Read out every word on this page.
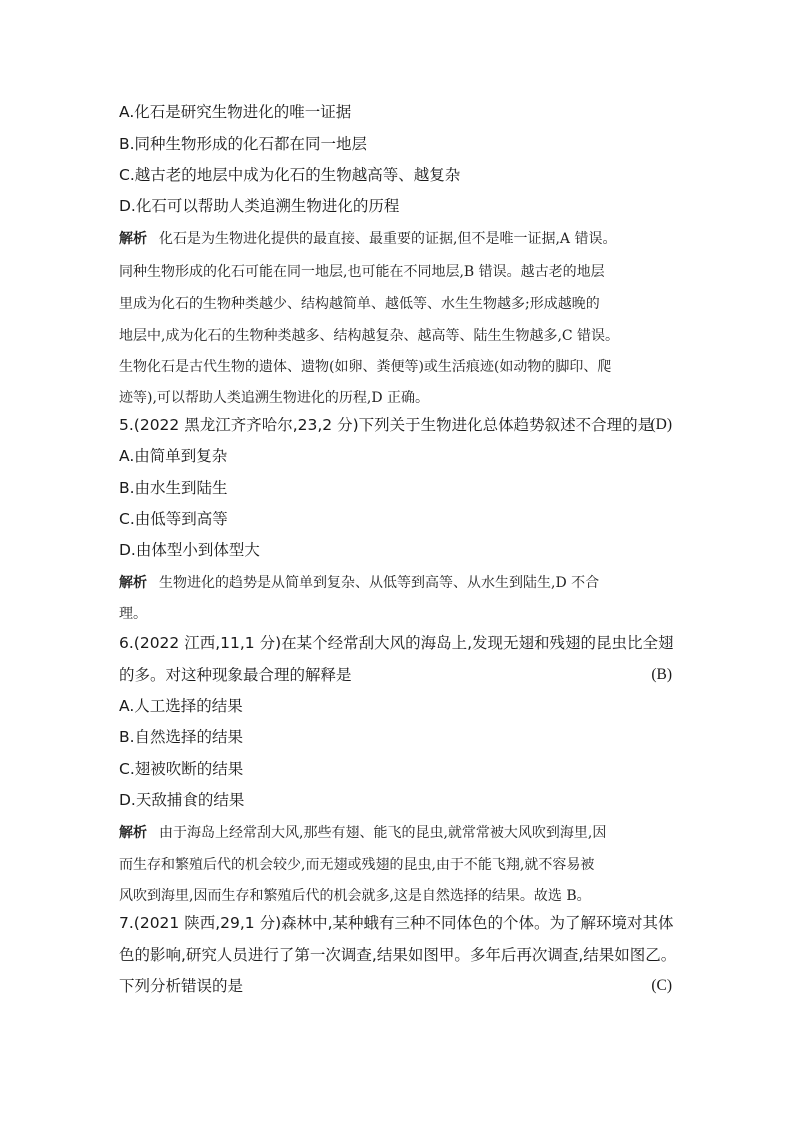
A.化石是研究生物进化的唯一证据
B.同种生物形成的化石都在同一地层
C.越古老的地层中成为化石的生物越高等、越复杂
D.化石可以帮助人类追溯生物进化的历程
解析 化石是为生物进化提供的最直接、最重要的证据,但不是唯一证据,A 错误。
同种生物形成的化石可能在同一地层,也可能在不同地层,B 错误。越古老的地层
里成为化石的生物种类越少、结构越简单、越低等、水生生物越多;形成越晚的
地层中,成为化石的生物种类越多、结构越复杂、越高等、陆生生物越多,C 错误。
生物化石是古代生物的遗体、遗物(如卵、粪便等)或生活痕迹(如动物的脚印、爬
迹等),可以帮助人类追溯生物进化的历程,D 正确。
5.(2022 黑龙江齐齐哈尔,23,2 分)下列关于生物进化总体趋势叙述不合理的是
(D)
A.由简单到复杂
B.由水生到陆生
C.由低等到高等
D.由体型小到体型大
解析 生物进化的趋势是从简单到复杂、从低等到高等、从水生到陆生,D 不合
理。
6.(2022 江西,11,1 分)在某个经常刮大风的海岛上,发现无翅和残翅的昆虫比全翅
的多。对这种现象最合理的解释是	(B)
A.人工选择的结果
B.自然选择的结果
C.翅被吹断的结果
D.天敌捕食的结果
解析 由于海岛上经常刮大风,那些有翅、能飞的昆虫,就常常被大风吹到海里,因
而生存和繁殖后代的机会较少,而无翅或残翅的昆虫,由于不能飞翔,就不容易被
风吹到海里,因而生存和繁殖后代的机会就多,这是自然选择的结果。故选 B。
7.(2021 陕西,29,1 分)森林中,某种蛾有三种不同体色的个体。为了解环境对其体
色的影响,研究人员进行了第一次调查,结果如图甲。多年后再次调查,结果如图乙。
下列分析错误的是	(C)
